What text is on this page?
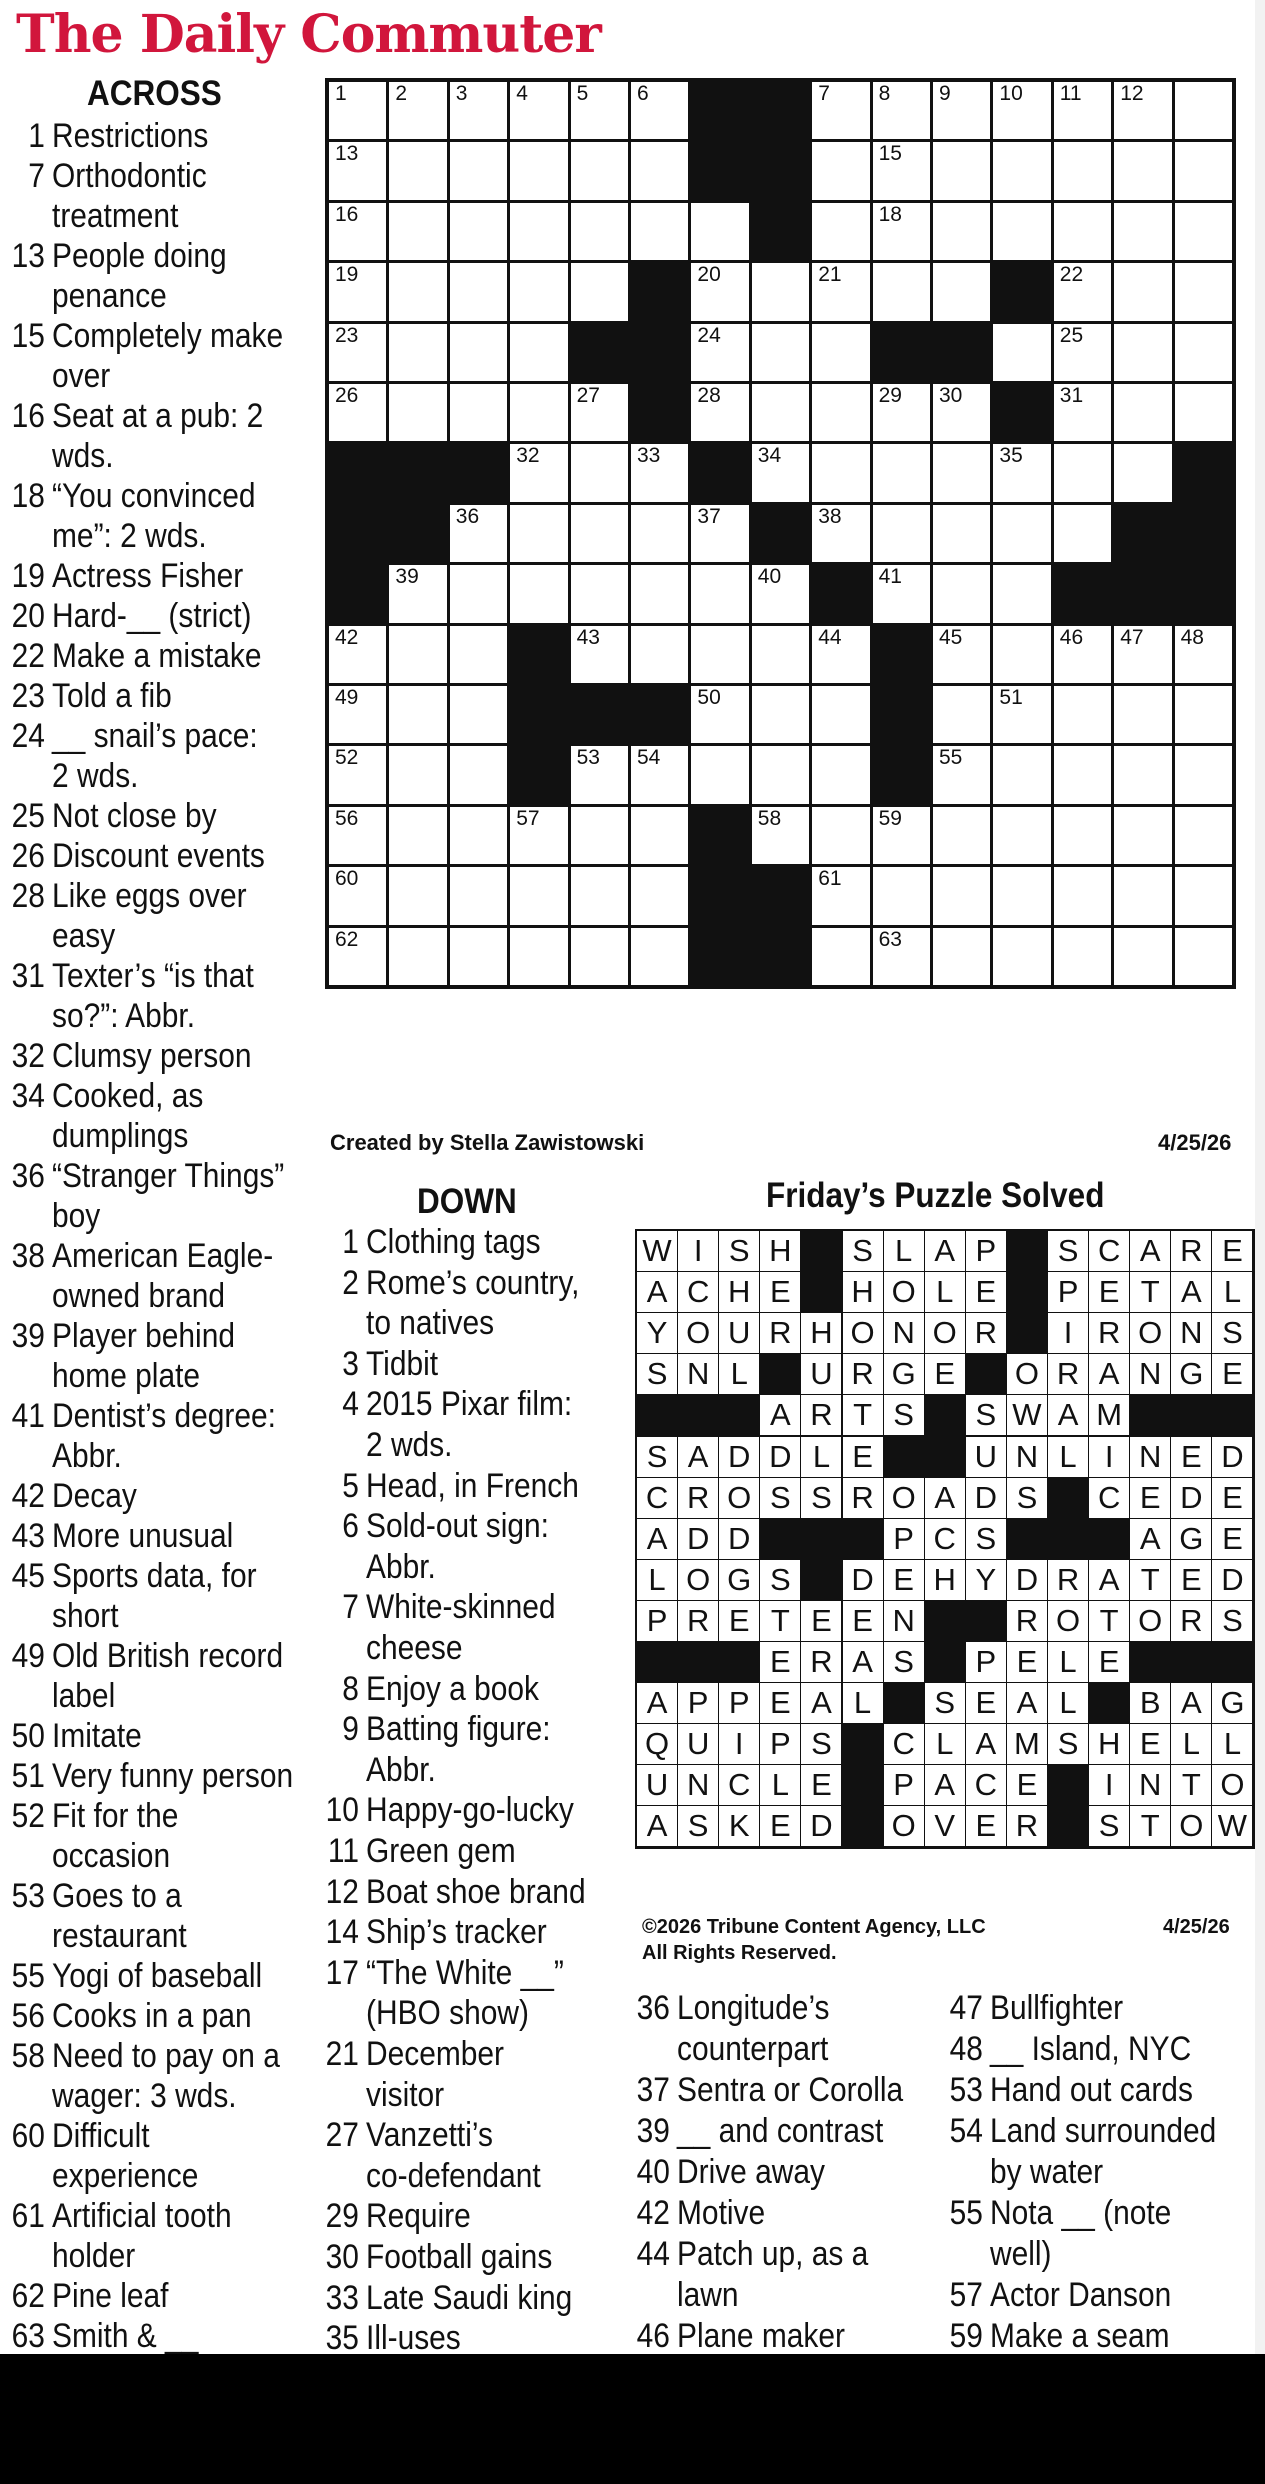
The Daily Commuter
ACROSS
1 Restrictions
7 Orthodontic
treatment
13 People doing
penance
15 Completely make
over
16 Seat at a pub: 2
wds.
18 “You convinced
me”: 2 wds.
19 Actress Fisher
20 Hard-__ (strict)
22 Make a mistake
23 Told a fib
24 __ snail’s pace:
2 wds.
25 Not close by
26 Discount events
28 Like eggs over
easy
31 Texter’s “is that
so?”: Abbr.
32 Clumsy person
34 Cooked, as
dumplings
36 “Stranger Things”
boy
38 American Eagle-
owned brand
39 Player behind
home plate
41 Dentist’s degree:
Abbr.
42 Decay
43 More unusual
45 Sports data, for
short
49 Old British record
label
50 Imitate
51 Very funny person
52 Fit for the
occasion
53 Goes to a
restaurant
55 Yogi of baseball
56 Cooks in a pan
58 Need to pay on a
wager: 3 wds.
60 Difficult
experience
61 Artificial tooth
holder
62 Pine leaf
63 Smith & __
1 2 3 4 5 6	7 8 9 10 11 12
13	15
16	18
19	20	21	22
23	24	25
26	27	28	29 30	31
32	33	34	35
36	37	38
39	40	41
42	43	44	45	46 47 48
49	50	51
52	53 54	55
56	57	58	59
60	61
62	63
Created by Stella Zawistowski	4/25/26
DOWN
1 Clothing tags
2 Rome’s country,
to natives
3 Tidbit
4 2015 Pixar film:
2 wds.
5 Head, in French
6 Sold-out sign:
Abbr.
7 White-skinned
cheese
8 Enjoy a book
9 Batting figure:
Abbr.
10 Happy-go-lucky
11 Green gem
12 Boat shoe brand
14 Ship’s tracker
17 “The White __”
(HBO show)
21 December
visitor
27 Vanzetti’s
co-defendant
29 Require
30 Football gains
33 Late Saudi king
35 Ill-uses
Friday’s Puzzle Solved
W I S H	S L A P	S C A R E
A C H E	H O L E	P E T A L
Y O U R H O N O R	I R O N S
S N L	U R G E	O R A N G E
A R T S	S W A M
S A D D L E	U N L I N E D
C R O S S R O A D S	C E D E
A D D	P C S	A G E
L O G S	D E H Y D R A T E D
P R E T E E N	R O T O R S
E R A S	P E L E
A P P E A L	S E A L	B A G
Q U I P S	C L A M S H E L L
U N C L E	P A C E	I N T O
A S K E D	O V E R	S T O W
©2026 Tribune Content Agency, LLC
All Rights Reserved.
4/25/26
36 Longitude’s
counterpart
37 Sentra or Corolla
39 __ and contrast
40 Drive away
42 Motive
44 Patch up, as a
lawn
46 Plane maker
47 Bullfighter
48 __ Island, NYC
53 Hand out cards
54 Land surrounded
by water
55 Nota __ (note
well)
57 Actor Danson
59 Make a seam
